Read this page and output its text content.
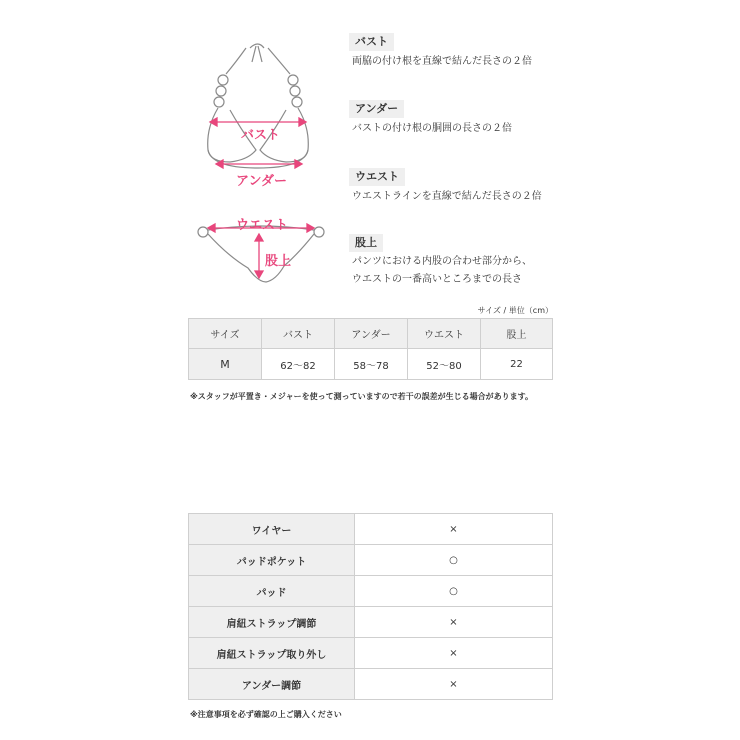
バスト
アンダー
ウエスト
股上
バスト
両脇の付け根を直線で結んだ長さの２倍
アンダー
バストの付け根の胴囲の長さの２倍
ウエスト
ウエストラインを直線で結んだ長さの２倍
股上
パンツにおける内股の合わせ部分から、
ウエストの一番高いところまでの長さ
サイズ / 単位（cm）
サイズ	バスト	アンダー	ウエスト	股上
M	62〜82	58〜78	52〜80	22
※スタッフが平置き・メジャーを使って測っていますので若干の誤差が生じる場合があります。
ワイヤー	×
パッドポケット	○
パッド	○
肩紐ストラップ調節	×
肩紐ストラップ取り外し	×
アンダー調節	×
※注意事項を必ず確認の上ご購入ください
